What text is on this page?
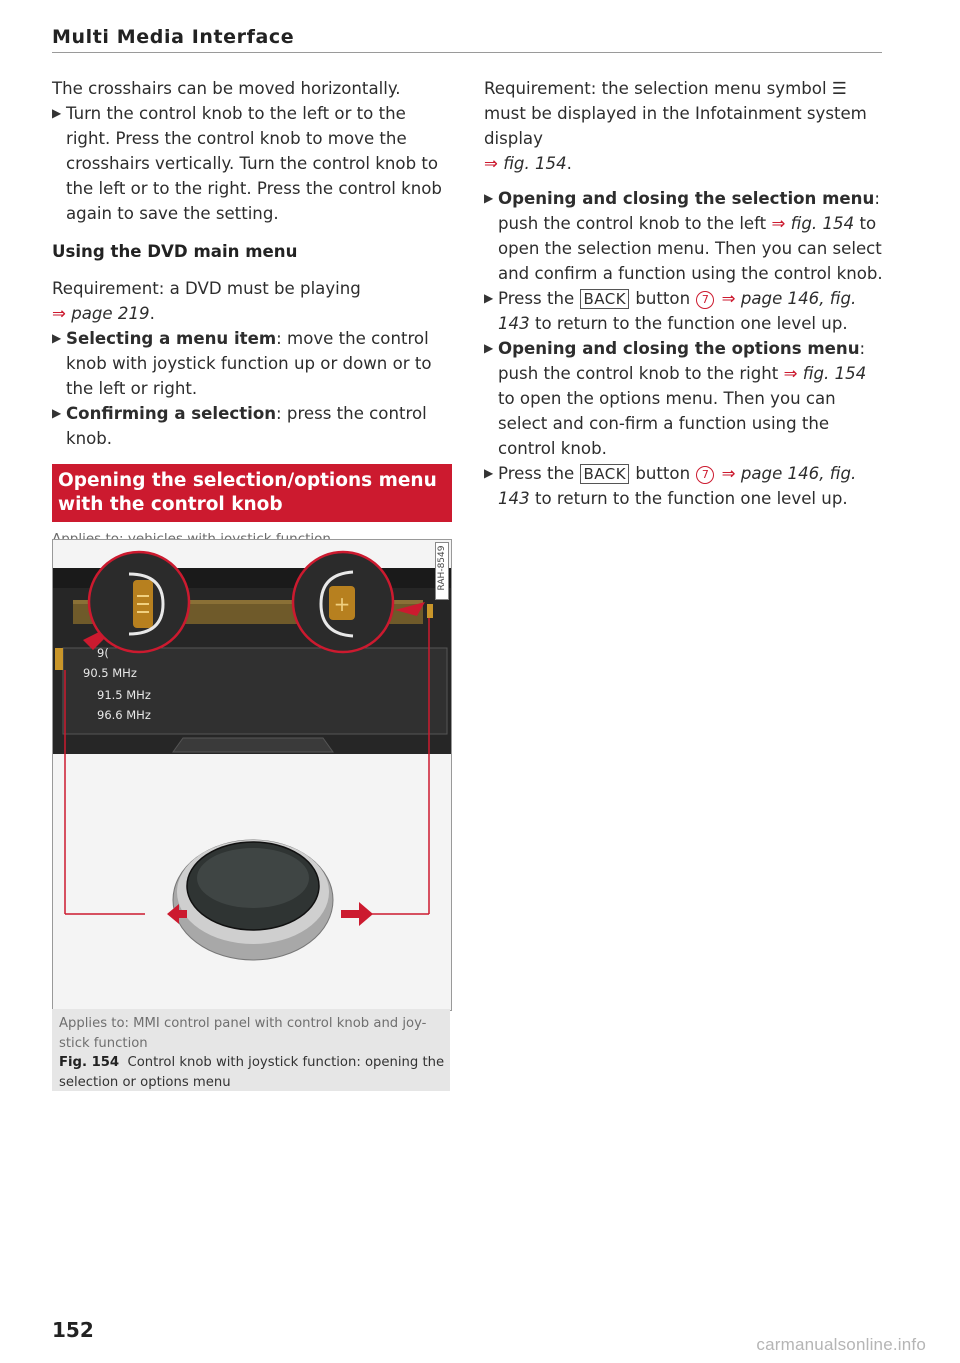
Multi Media Interface

The crosshairs can be moved horizontally.

▶ Turn the control knob to the left or to the right. Press the control knob to move the crosshairs vertically. Turn the control knob to the left or to the right. Press the control knob again to save the setting.
Using the DVD main menu

Requirement: a DVD must be playing
⇒ page 219.

▶ Selecting a menu item: move the control knob with joystick function up or down or to the left or right.
▶ Confirming a selection: press the control knob.
Opening the selection/options menu with the control knob
+
9(
90.5 MHz
91.5 MHz
96.6 MHz
RAH-8549
Applies to: MMI control panel with control knob and joy-stick function
Fig. 154 Control knob with joystick function: opening the selection or options menu

Requirement: the selection menu symbol ☰ must be displayed in the Infotainment system display
⇒ fig. 154.

▶ Opening and closing the selection menu: push the control knob to the left ⇒ fig. 154 to open the selection menu. Then you can select and confirm a function using the control knob.
▶ Press the BACK button 7 ⇒ page 146, fig. 143 to return to the function one level up.
▶ Opening and closing the options menu: push the control knob to the right ⇒ fig. 154 to open the options menu. Then you can select and con-firm a function using the control knob.
▶ Press the BACK button 7 ⇒ page 146, fig. 143 to return to the function one level up.
152
carmanualsonline.info
